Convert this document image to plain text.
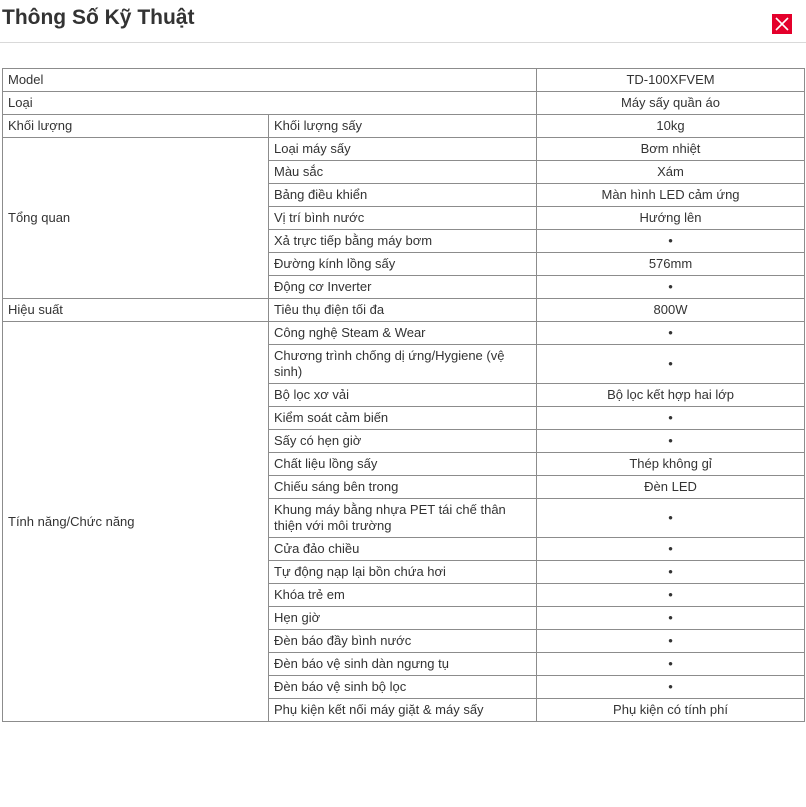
Thông Số Kỹ Thuật
Model		TD-100XFVEM
Loại		Máy sấy quần áo
Khối lượng	Khối lượng sấy	10kg
Tổng quan	Loại máy sấy	Bơm nhiệt
	Màu sắc	Xám
	Bảng điều khiển	Màn hình LED cảm ứng
	Vị trí bình nước	Hướng lên
	Xả trực tiếp bằng máy bơm	•
	Đường kính lồng sấy	576mm
	Động cơ Inverter	•
Hiệu suất	Tiêu thụ điện tối đa	800W
Tính năng/Chức năng	Công nghệ Steam & Wear	•
	Chương trình chống dị ứng/Hygiene (vệ sinh)	•
	Bộ lọc xơ vải	Bộ lọc kết hợp hai lớp
	Kiểm soát cảm biến	•
	Sấy có hẹn giờ	•
	Chất liệu lồng sấy	Thép không gỉ
	Chiếu sáng bên trong	Đèn LED
	Khung máy bằng nhựa PET tái chế thân thiện với môi trường	•
	Cửa đảo chiều	•
	Tự động nạp lại bồn chứa hơi	•
	Khóa trẻ em	•
	Hẹn giờ	•
	Đèn báo đầy bình nước	•
	Đèn báo vệ sinh dàn ngưng tụ	•
	Đèn báo vệ sinh bộ lọc	•
	Phụ kiện kết nối máy giặt & máy sấy	Phụ kiện có tính phí
